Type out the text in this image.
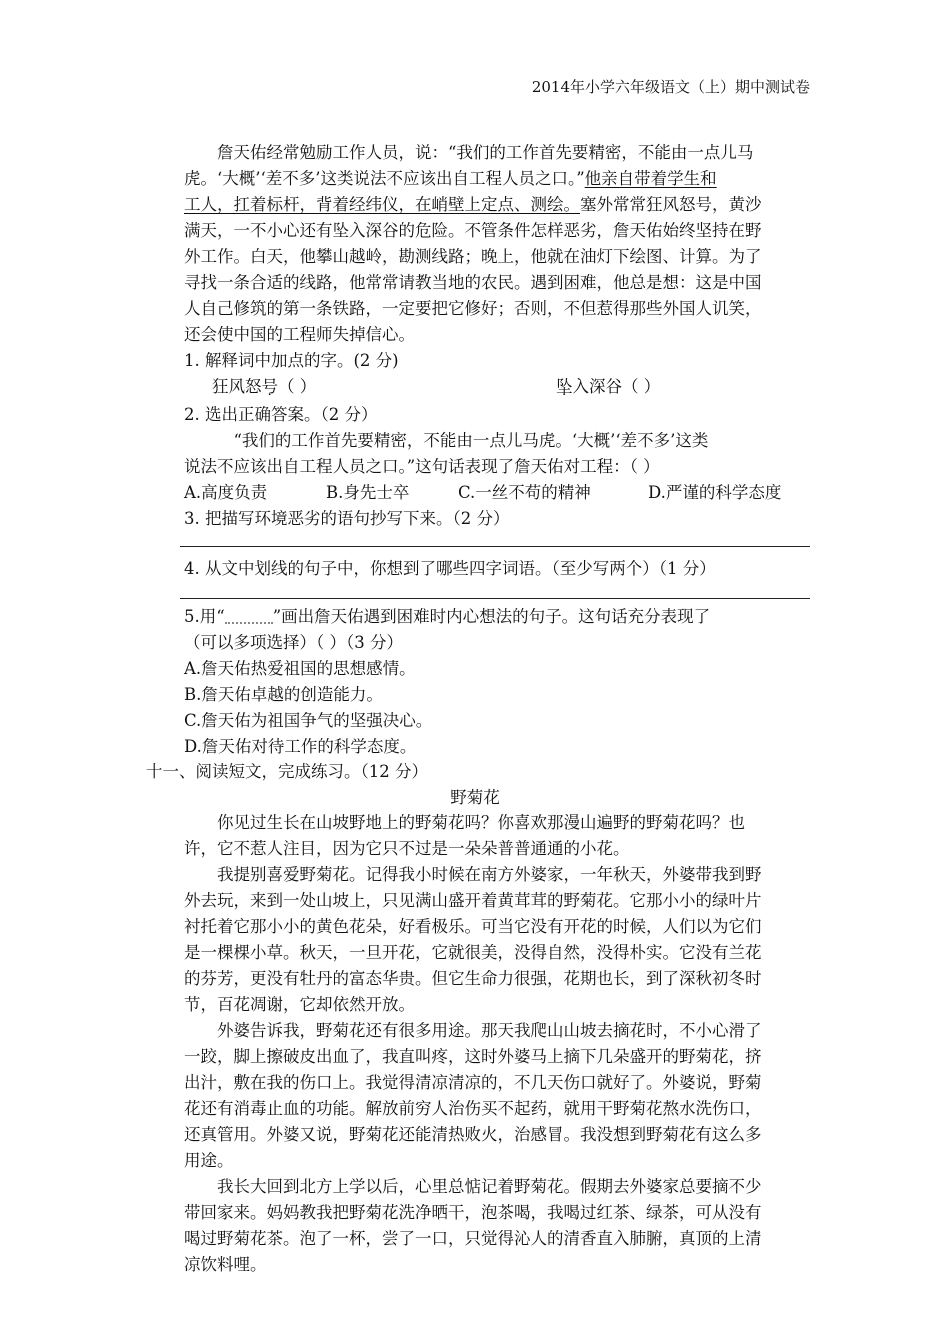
2014年小学六年级语文（上）期中测试卷

詹天佑经常勉励工作人员，说：“我们的工作首先要精密，不能由一点儿马

虎。‘大概’‘差不多’这类说法不应该出自工程人员之口。”他亲自带着学生和

工人，扛着标杆，背着经纬仪，在峭壁上定点、测绘。塞外常常狂风怒号，黄沙

满天，一不小心还有坠入深谷的危险。不管条件怎样恶劣，詹天佑始终坚持在野

外工作。白天，他攀山越岭，勘测线路；晚上，他就在油灯下绘图、计算。为了

寻找一条合适的线路，他常常请教当地的农民。遇到困难，他总是想：这是中国

人自己修筑的第一条铁路，一定要把它修好；否则，不但惹得那些外国人讥笑，

还会使中国的工程师失掉信心。

1. 解释词中加点的字。(2 分)

狂风怒号（ ）	坠入深谷（ ）

2. 选出正确答案。（2 分）

“我们的工作首先要精密，不能由一点儿马虎。‘大概’‘差不多’这类

说法不应该出自工程人员之口。”这句话表现了詹天佑对工程：（ ）

A.高度负责	B.身先士卒	C.一丝不苟的精神	D.严谨的科学态度

3. 把描写环境恶劣的语句抄写下来。（2 分）

4. 从文中划线的句子中，你想到了哪些四字词语。（至少写两个）（1 分）

5.用“	”画出詹天佑遇到困难时内心想法的句子。这句话充分表现了

（可以多项选择）（ ）（3 分）

A.詹天佑热爱祖国的思想感情。

B.詹天佑卓越的创造能力。

C.詹天佑为祖国争气的坚强决心。

D.詹天佑对待工作的科学态度。

十一、阅读短文，完成练习。（12 分）
野菊花

你见过生长在山坡野地上的野菊花吗？你喜欢那漫山遍野的野菊花吗？也

许，它不惹人注目，因为它只不过是一朵朵普普通通的小花。

我提别喜爱野菊花。记得我小时候在南方外婆家，一年秋天，外婆带我到野

外去玩，来到一处山坡上，只见满山盛开着黄茸茸的野菊花。它那小小的绿叶片

衬托着它那小小的黄色花朵，好看极乐。可当它没有开花的时候，人们以为它们

是一棵棵小草。秋天，一旦开花，它就很美，没得自然，没得朴实。它没有兰花

的芬芳，更没有牡丹的富态华贵。但它生命力很强，花期也长，到了深秋初冬时

节，百花凋谢，它却依然开放。

外婆告诉我，野菊花还有很多用途。那天我爬山山坡去摘花时，不小心滑了

一跤，脚上擦破皮出血了，我直叫疼，这时外婆马上摘下几朵盛开的野菊花，挤

出汁，敷在我的伤口上。我觉得清凉清凉的，不几天伤口就好了。外婆说，野菊

花还有消毒止血的功能。解放前穷人治伤买不起药，就用干野菊花熬水洗伤口，

还真管用。外婆又说，野菊花还能清热败火，治感冒。我没想到野菊花有这么多

用途。

我长大回到北方上学以后，心里总惦记着野菊花。假期去外婆家总要摘不少

带回家来。妈妈教我把野菊花洗净晒干，泡茶喝，我喝过红茶、绿茶，可从没有

喝过野菊花茶。泡了一杯，尝了一口，只觉得沁人的清香直入肺腑，真顶的上清

凉饮料哩。
